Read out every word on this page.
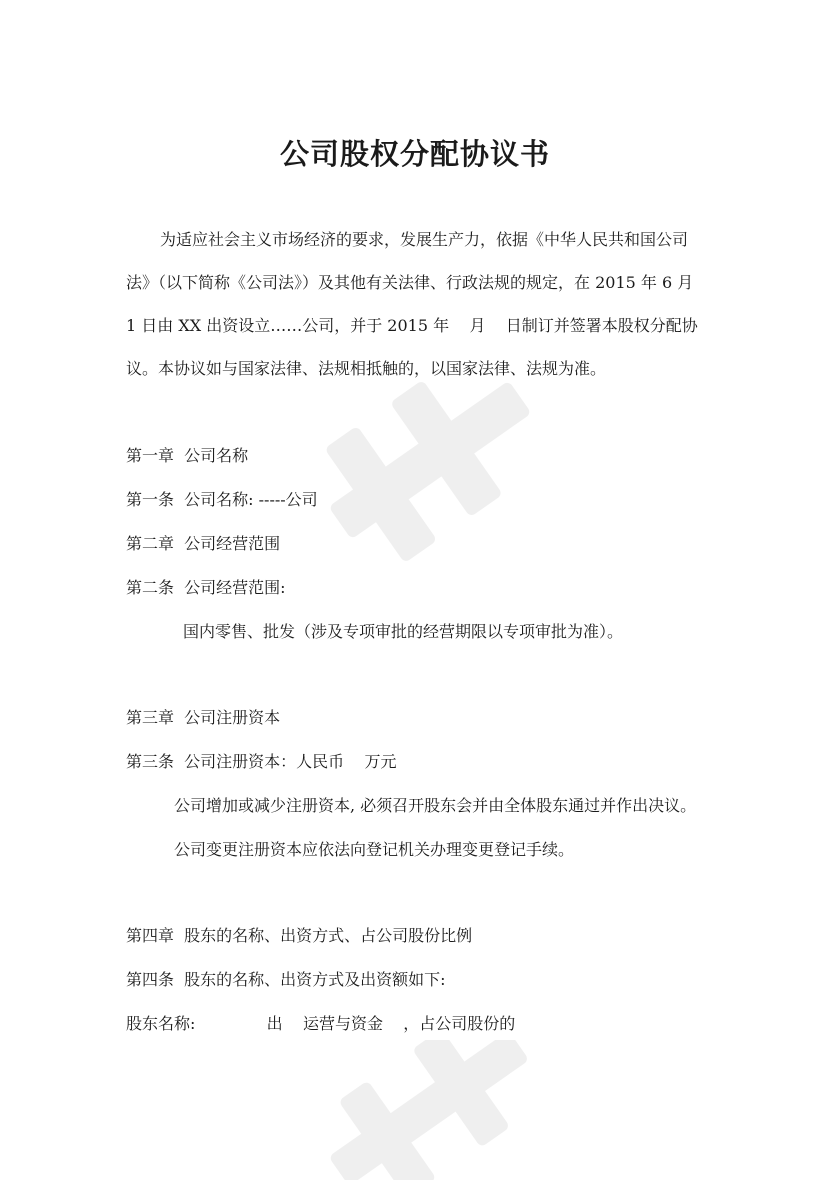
公司股权分配协议书
为适应社会主义市场经济的要求，发展生产力，依据《中华人民共和国公司
法》（以下简称《公司法》）及其他有关法律、行政法规的规定，在 2015 年 6 月
1 日由 XX 出资设立……公司，并于 2015 年    月    日制订并签署本股权分配协
议。本协议如与国家法律、法规相抵触的，以国家法律、法规为准。
第一章  公司名称
第一条  公司名称: -----公司
第二章  公司经营范围
第二条  公司经营范围:
国内零售、批发（涉及专项审批的经营期限以专项审批为准）。
第三章  公司注册资本
第三条  公司注册资本：人民币    万元
公司增加或减少注册资本, 必须召开股东会并由全体股东通过并作出决议。
公司变更注册资本应依法向登记机关办理变更登记手续。
第四章  股东的名称、出资方式、占公司股份比例
第四条  股东的名称、出资方式及出资额如下:
股东名称:              出    运营与资金    ，占公司股份的
